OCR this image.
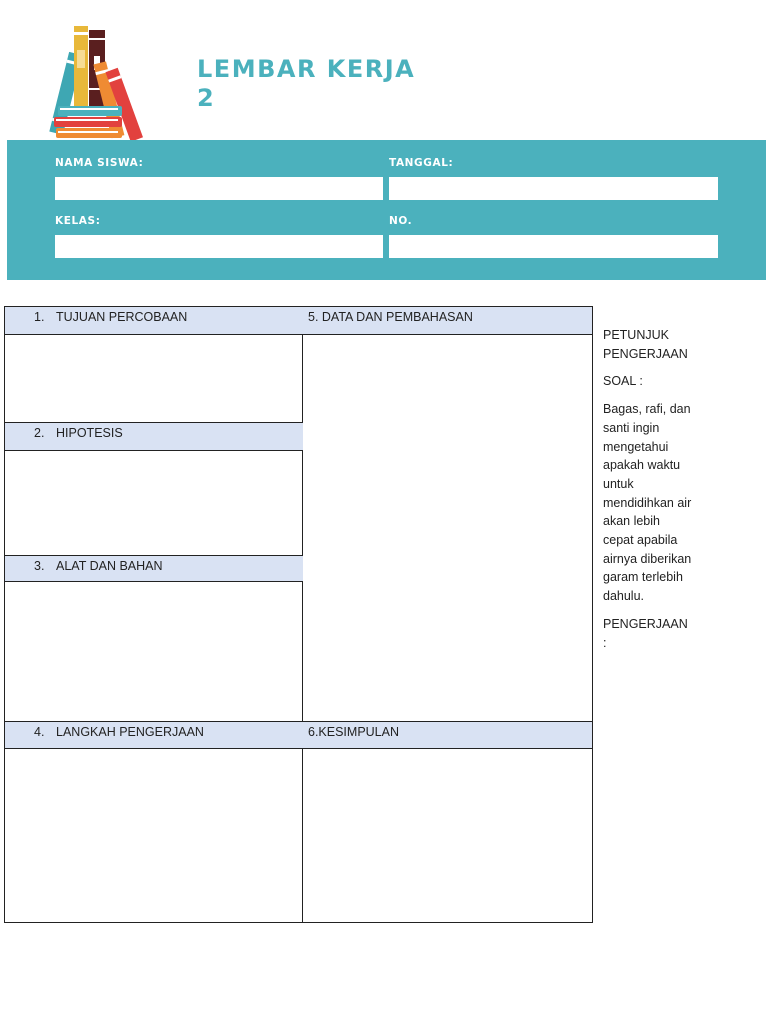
LEMBAR KERJA
2
NAMA SISWA:	TANGGAL:
KELAS:	NO.
1. TUJUAN PERCOBAAN
2. HIPOTESIS
3. ALAT DAN BAHAN
4. LANGKAH PENGERJAAN
5. DATA DAN PEMBAHASAN
6.KESIMPULAN

PETUNJUK PENGERJAAN

SOAL :

Bagas, rafi, dan santi ingin mengetahui apakah waktu untuk mendidihkan air akan lebih cepat apabila airnya diberikan garam terlebih dahulu.

PENGERJAAN :
